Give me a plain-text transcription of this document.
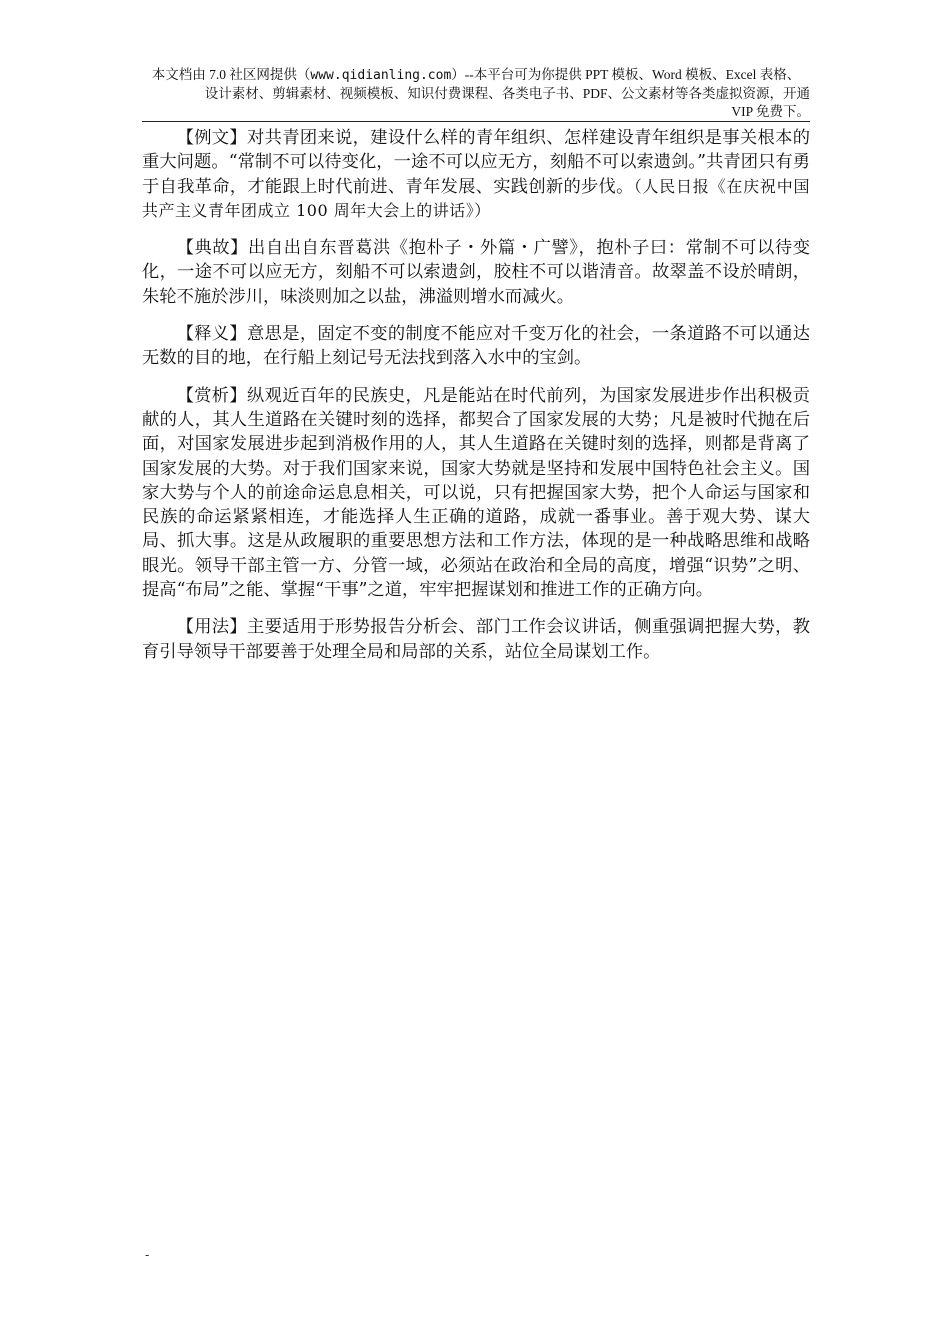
本文档由 7.0 社区网提供（www.qidianling.com）--本平台可为你提供 PPT 模板、Word 模板、Excel 表格、
设计素材、剪辑素材、视频模板、知识付费课程、各类电子书、PDF、公文素材等各类虚拟资源，开通
VIP 免费下。

【例文】对共青团来说，建设什么样的青年组织、怎样建设青年组织是事关根本的重大问题。“常制不可以待变化，一途不可以应无方，刻船不可以索遗剑。”共青团只有勇于自我革命，才能跟上时代前进、青年发展、实践创新的步伐。（人民日报《在庆祝中国共产主义青年团成立 100 周年大会上的讲话》）

【典故】出自出自东晋葛洪《抱朴子・外篇・广譬》，抱朴子曰：常制不可以待变化，一途不可以应无方，刻船不可以索遗剑，胶柱不可以谐清音。故翠盖不设於晴朗，朱轮不施於涉川，味淡则加之以盐，沸溢则增水而减火。

【释义】意思是，固定不变的制度不能应对千变万化的社会，一条道路不可以通达无数的目的地，在行船上刻记号无法找到落入水中的宝剑。

【赏析】纵观近百年的民族史，凡是能站在时代前列，为国家发展进步作出积极贡献的人，其人生道路在关键时刻的选择，都契合了国家发展的大势；凡是被时代抛在后面，对国家发展进步起到消极作用的人，其人生道路在关键时刻的选择，则都是背离了国家发展的大势。对于我们国家来说，国家大势就是坚持和发展中国特色社会主义。国家大势与个人的前途命运息息相关，可以说，只有把握国家大势，把个人命运与国家和民族的命运紧紧相连，才能选择人生正确的道路，成就一番事业。善于观大势、谋大局、抓大事。这是从政履职的重要思想方法和工作方法，体现的是一种战略思维和战略眼光。领导干部主管一方、分管一域，必须站在政治和全局的高度，增强“识势”之明、提高“布局”之能、掌握“干事”之道，牢牢把握谋划和推进工作的正确方向。

【用法】主要适用于形势报告分析会、部门工作会议讲话，侧重强调把握大势，教育引导领导干部要善于处理全局和局部的关系，站位全局谋划工作。

-
